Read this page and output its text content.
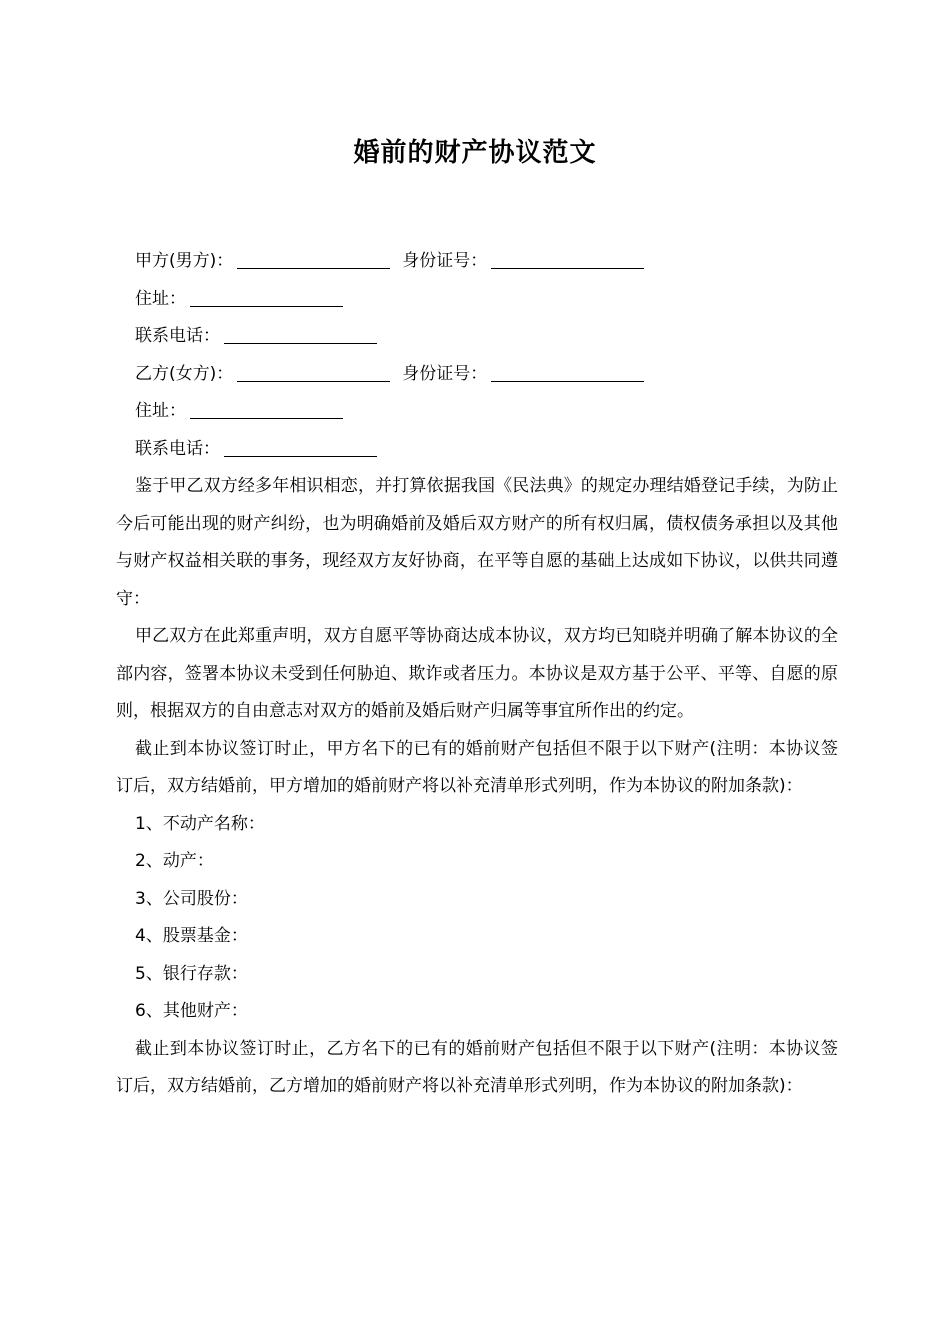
婚前的财产协议范文
甲方(男方)：	身份证号：
住址：
联系电话：
乙方(女方)：	身份证号：
住址：
联系电话：
鉴于甲乙双方经多年相识相恋，并打算依据我国《民法典》的规定办理结婚登记手续，为防止今后可能出现的财产纠纷，也为明确婚前及婚后双方财产的所有权归属，债权债务承担以及其他与财产权益相关联的事务，现经双方友好协商，在平等自愿的基础上达成如下协议，以供共同遵守：
甲乙双方在此郑重声明，双方自愿平等协商达成本协议，双方均已知晓并明确了解本协议的全部内容，签署本协议未受到任何胁迫、欺诈或者压力。本协议是双方基于公平、平等、自愿的原则，根据双方的自由意志对双方的婚前及婚后财产归属等事宜所作出的约定。
截止到本协议签订时止，甲方名下的已有的婚前财产包括但不限于以下财产(注明：本协议签订后，双方结婚前，甲方增加的婚前财产将以补充清单形式列明，作为本协议的附加条款)：
1、不动产名称：
2、动产：
3、公司股份：
4、股票基金：
5、银行存款：
6、其他财产：
截止到本协议签订时止，乙方名下的已有的婚前财产包括但不限于以下财产(注明：本协议签订后，双方结婚前，乙方增加的婚前财产将以补充清单形式列明，作为本协议的附加条款)：
